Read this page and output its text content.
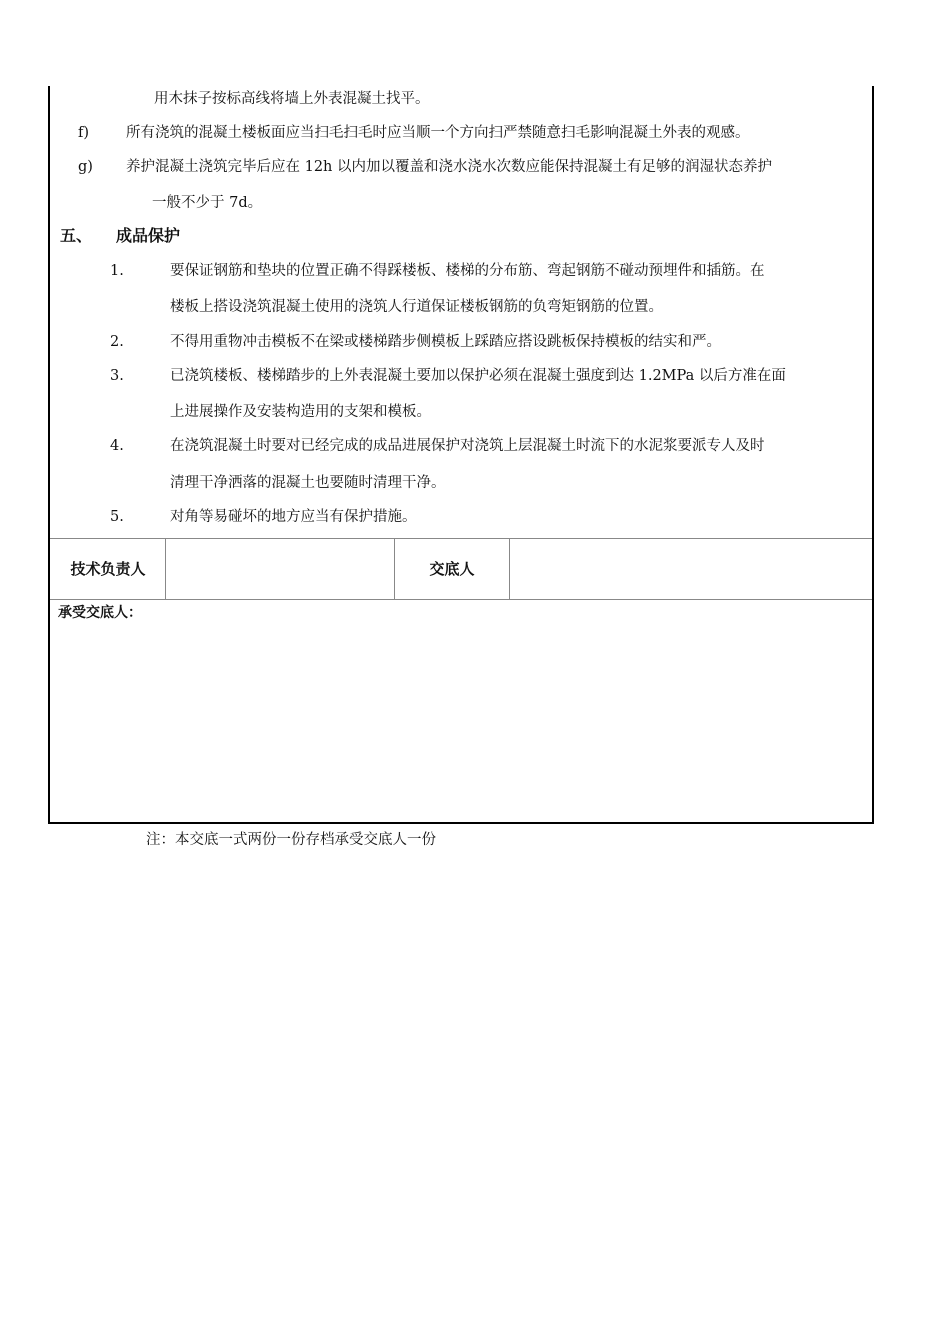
用木抹子按标高线将墙上外表混凝土找平。
f)	所有浇筑的混凝土楼板面应当扫毛扫毛时应当顺一个方向扫严禁随意扫毛影响混凝土外表的观感。
g) 养护混凝土浇筑完毕后应在 12h 以内加以覆盖和浇水浇水次数应能保持混凝土有足够的润湿状态养护
一般不少于 7d。
五、 成品保护
1.	要保证钢筋和垫块的位置正确不得踩楼板、楼梯的分布筋、弯起钢筋不碰动预埋件和插筋。在
楼板上搭设浇筑混凝土使用的浇筑人行道保证楼板钢筋的负弯矩钢筋的位置。
2.	不得用重物冲击模板不在梁或楼梯踏步侧模板上踩踏应搭设跳板保持模板的结实和严。
3.	已浇筑楼板、楼梯踏步的上外表混凝土要加以保护必须在混凝土强度到达 1.2MPa 以后方准在面
上进展操作及安装构造用的支架和模板。
4.	在浇筑混凝土时要对已经完成的成品进展保护对浇筑上层混凝土时流下的水泥浆要派专人及时
清理干净洒落的混凝土也要随时清理干净。
5.	对角等易碰坏的地方应当有保护措施。
技术负责人	交底人
承受交底人：
注：本交底一式两份一份存档承受交底人一份
